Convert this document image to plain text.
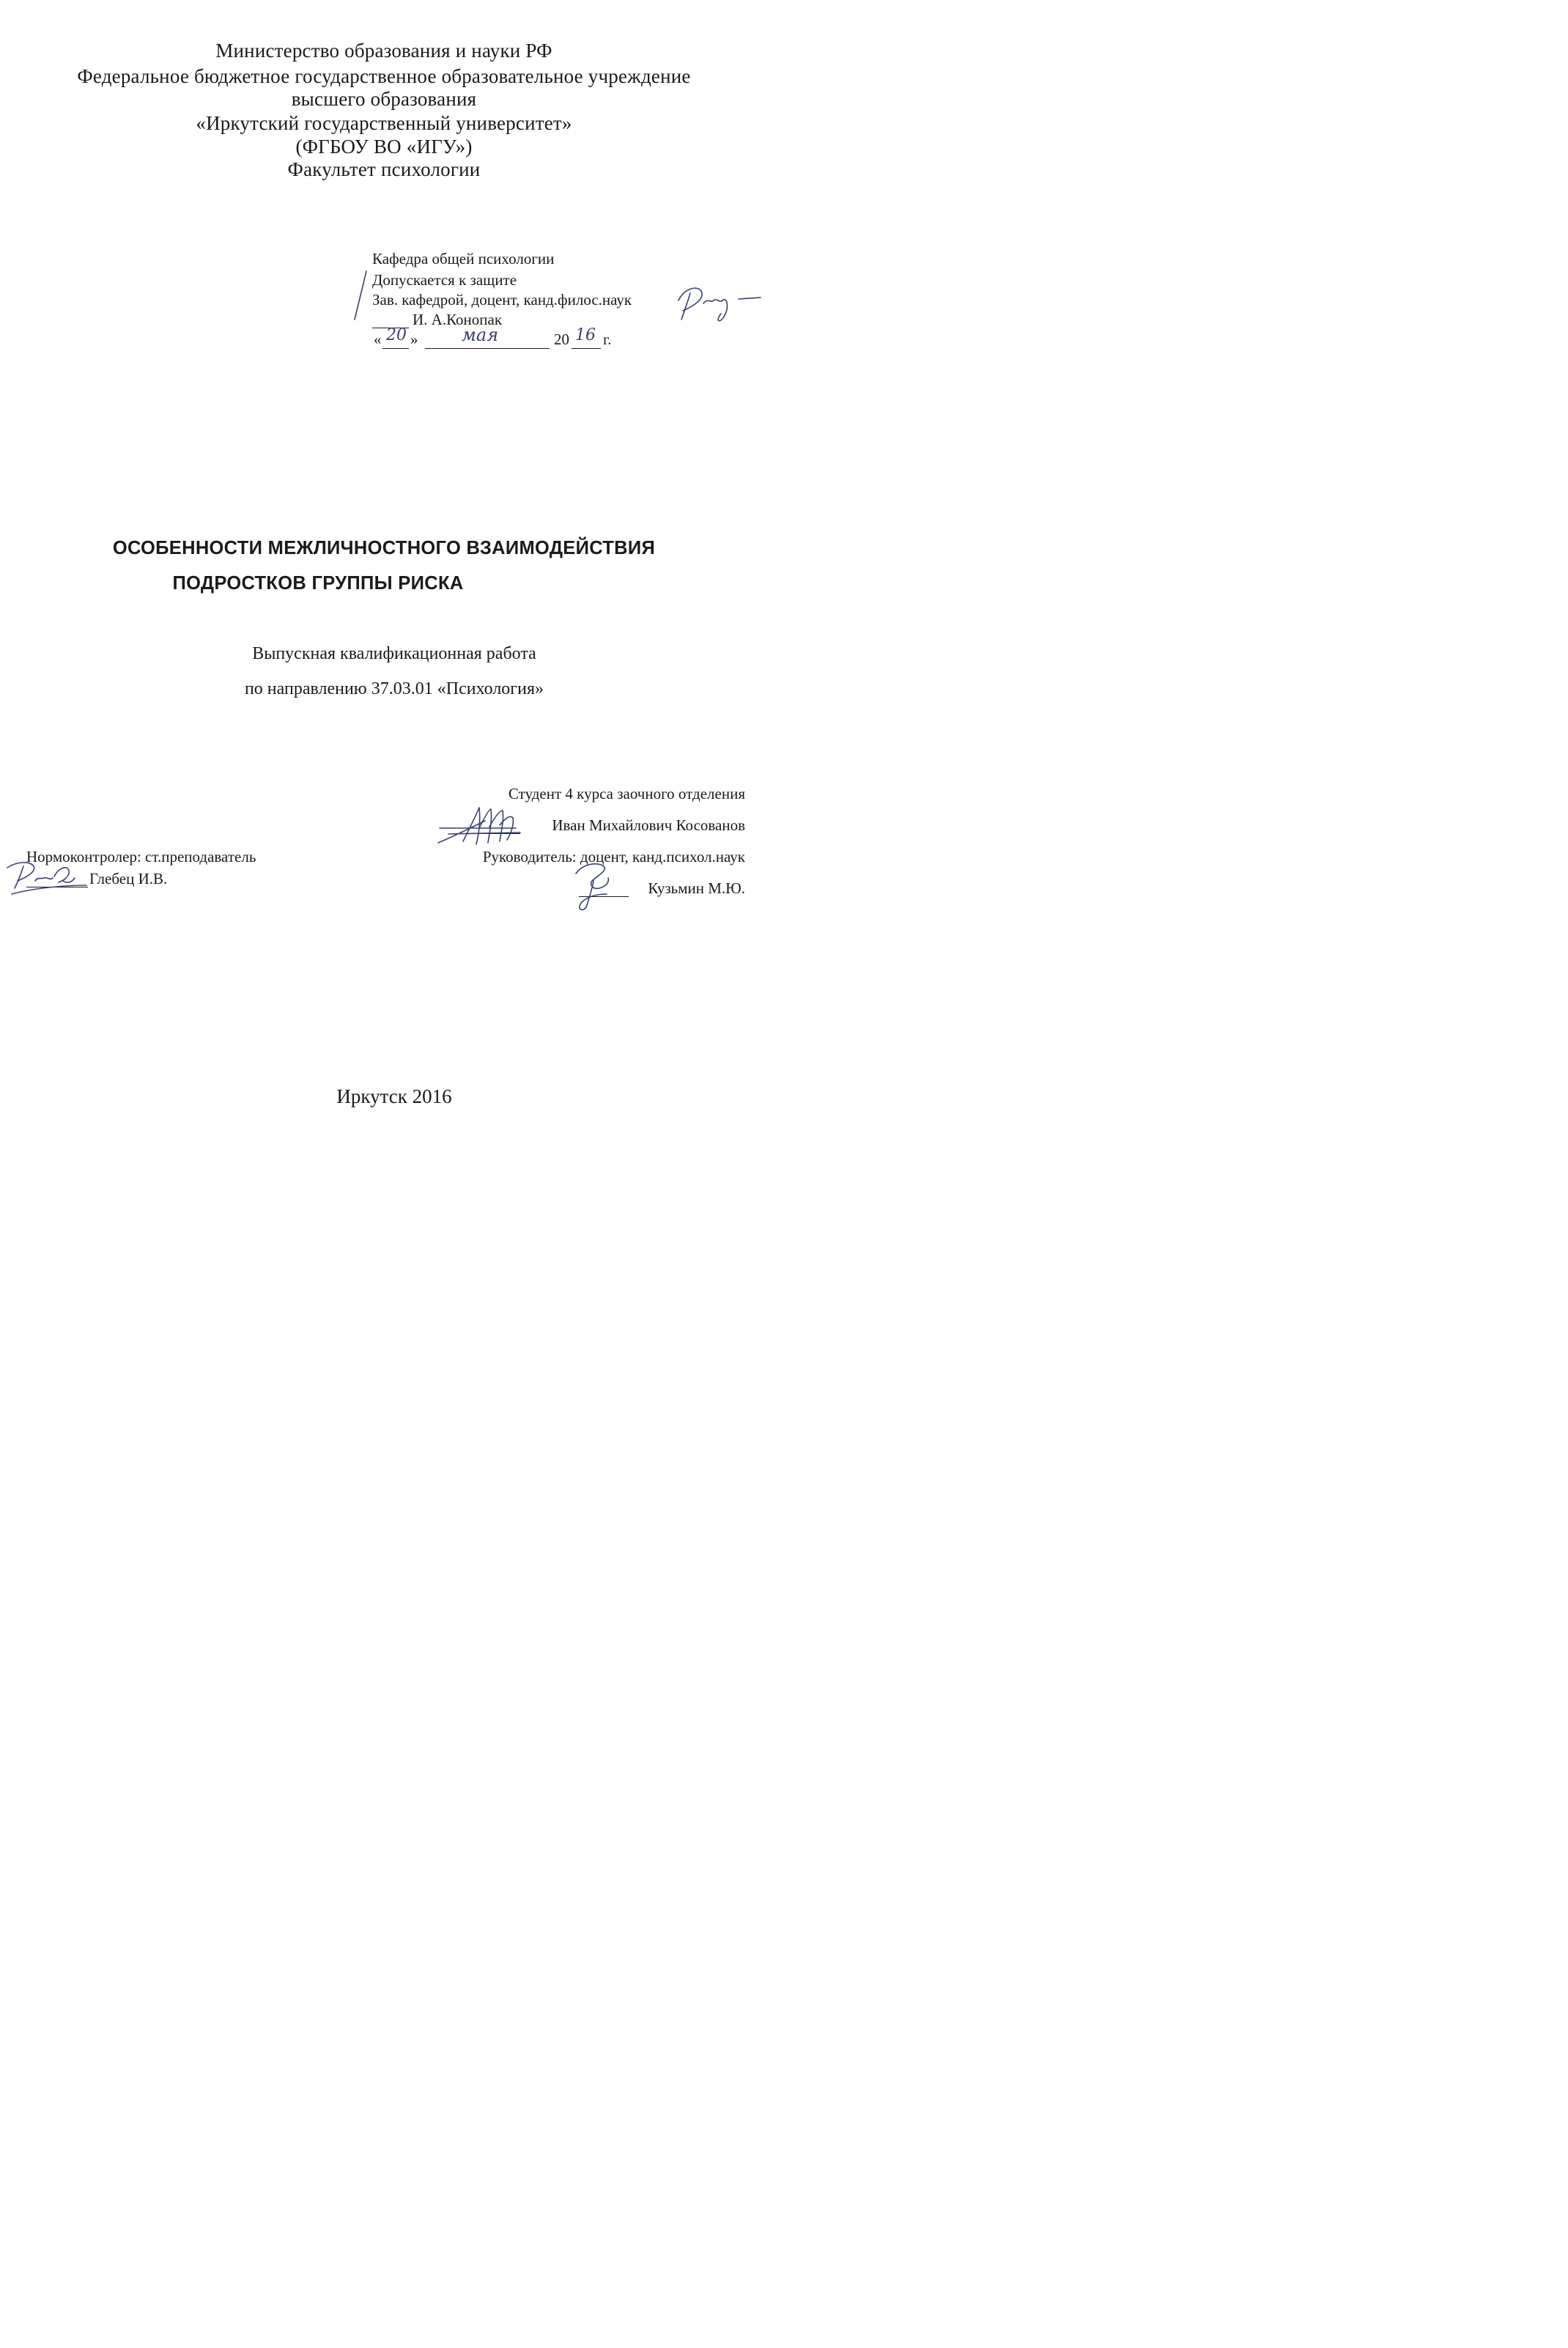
Министерство образования и науки РФ
Федеральное бюджетное государственное образовательное учреждение
высшего образования
«Иркутский государственный университет»
(ФГБОУ ВО «ИГУ»)
Факультет психологии
Кафедра общей психологии
Допускается к защите
Зав. кафедрой, доцент, канд.филос.наук
И. А.Конопак
« »	20 г.
20	мая	16
ОСОБЕННОСТИ МЕЖЛИЧНОСТНОГО ВЗАИМОДЕЙСТВИЯ
ПОДРОСТКОВ ГРУППЫ РИСКА
Выпускная квалификационная работа
по направлению 37.03.01 «Психология»
Студент 4 курса заочного отделения
Иван Михайлович Косованов
Руководитель: доцент, канд.психол.наук
Кузьмин М.Ю.
Нормоконтролер: ст.преподаватель
Глебец И.В.
Иркутск 2016
